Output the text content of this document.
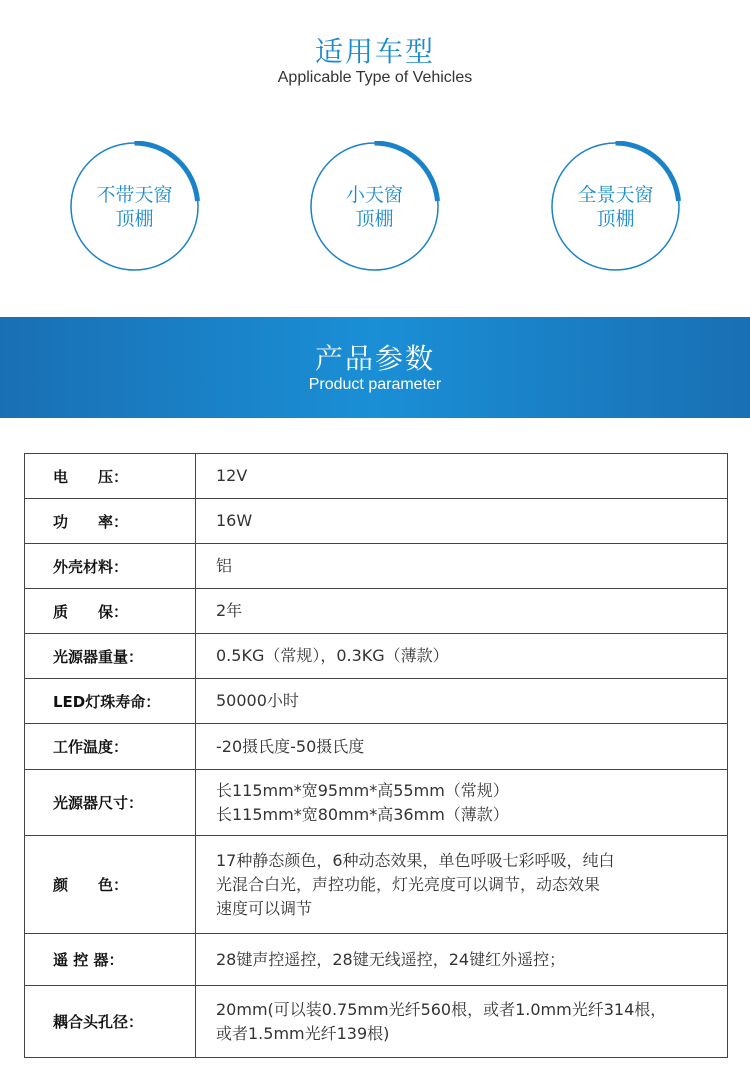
适用车型
Applicable Type of Vehicles
不带天窗
顶棚
小天窗
顶棚
全景天窗
顶棚
产品参数
Product parameter
电　　压：	12V

功　　率：	16W

外壳材料：	铝

质　　保：	2年

光源器重量：	0.5KG（常规），0.3KG（薄款）

LED灯珠寿命：	50000小时

工作温度：	-20摄氏度-50摄氏度

光源器尺寸：	长115mm*宽95mm*高55mm（常规）
长115mm*宽80mm*高36mm（薄款）

颜　　色：	17种静态颜色，6种动态效果，单色呼吸七彩呼吸，纯白
光混合白光，声控功能，灯光亮度可以调节，动态效果
速度可以调节

遥 控 器：	28键声控遥控，28键无线遥控，24键红外遥控；

耦合头孔径：	20mm(可以装0.75mm光纤560根，或者1.0mm光纤314根，
或者1.5mm光纤139根)
